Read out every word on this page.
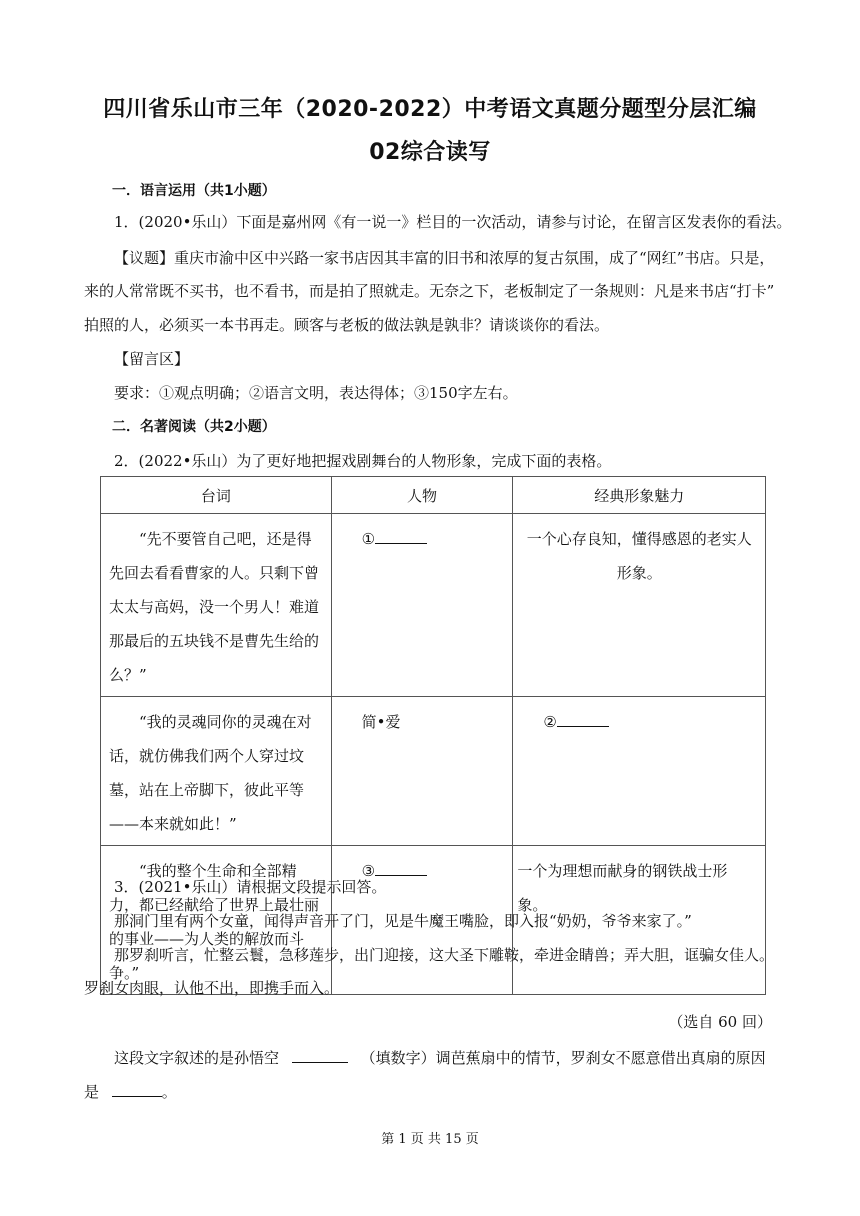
四川省乐山市三年（2020-2022）中考语文真题分题型分层汇编
02综合读写
一．语言运用（共1小题）
1．(2020•乐山）下面是嘉州网《有一说一》栏目的一次活动，请参与讨论，在留言区发表你的看法。
【议题】重庆市渝中区中兴路一家书店因其丰富的旧书和浓厚的复古氛围，成了“网红”书店。只是，
来的人常常既不买书，也不看书，而是拍了照就走。无奈之下，老板制定了一条规则：凡是来书店“打卡”
拍照的人，必须买一本书再走。顾客与老板的做法孰是孰非？请谈谈你的看法。
【留言区】
要求：①观点明确；②语言文明，表达得体；③150字左右。
二．名著阅读（共2小题）
2．(2022•乐山）为了更好地把握戏剧舞台的人物形象，完成下面的表格。
台词	人物	经典形象魅力
“先不要管自己吧，还是得先回去看看曹家的人。只剩下曾太太与高妈，没一个男人！难道那最后的五块钱不是曹先生给的么？”	①	一个心存良知，懂得感恩的老实人形象。
“我的灵魂同你的灵魂在对话，就仿佛我们两个人穿过坟墓，站在上帝脚下，彼此平等——本来就如此！”	简•爱	②
“我的整个生命和全部精力，都已经献给了世界上最壮丽的事业——为人类的解放而斗争。”	③	一个为理想而献身的钢铁战士形象。
3．(2021•乐山）请根据文段提示回答。
那洞门里有两个女童，闻得声音开了门，见是牛魔王嘴脸，即入报“奶奶，爷爷来家了。”
那罗刹听言，忙整云鬟，急移莲步，出门迎接，这大圣下雕鞍，牵进金睛兽；弄大胆，诓骗女佳人。
罗刹女肉眼，认他不出，即携手而入。
（选自 60 回）
这段文字叙述的是孙悟空	（填数字）调芭蕉扇中的情节，罗刹女不愿意借出真扇的原因
是	。
第 1 页 共 15 页
